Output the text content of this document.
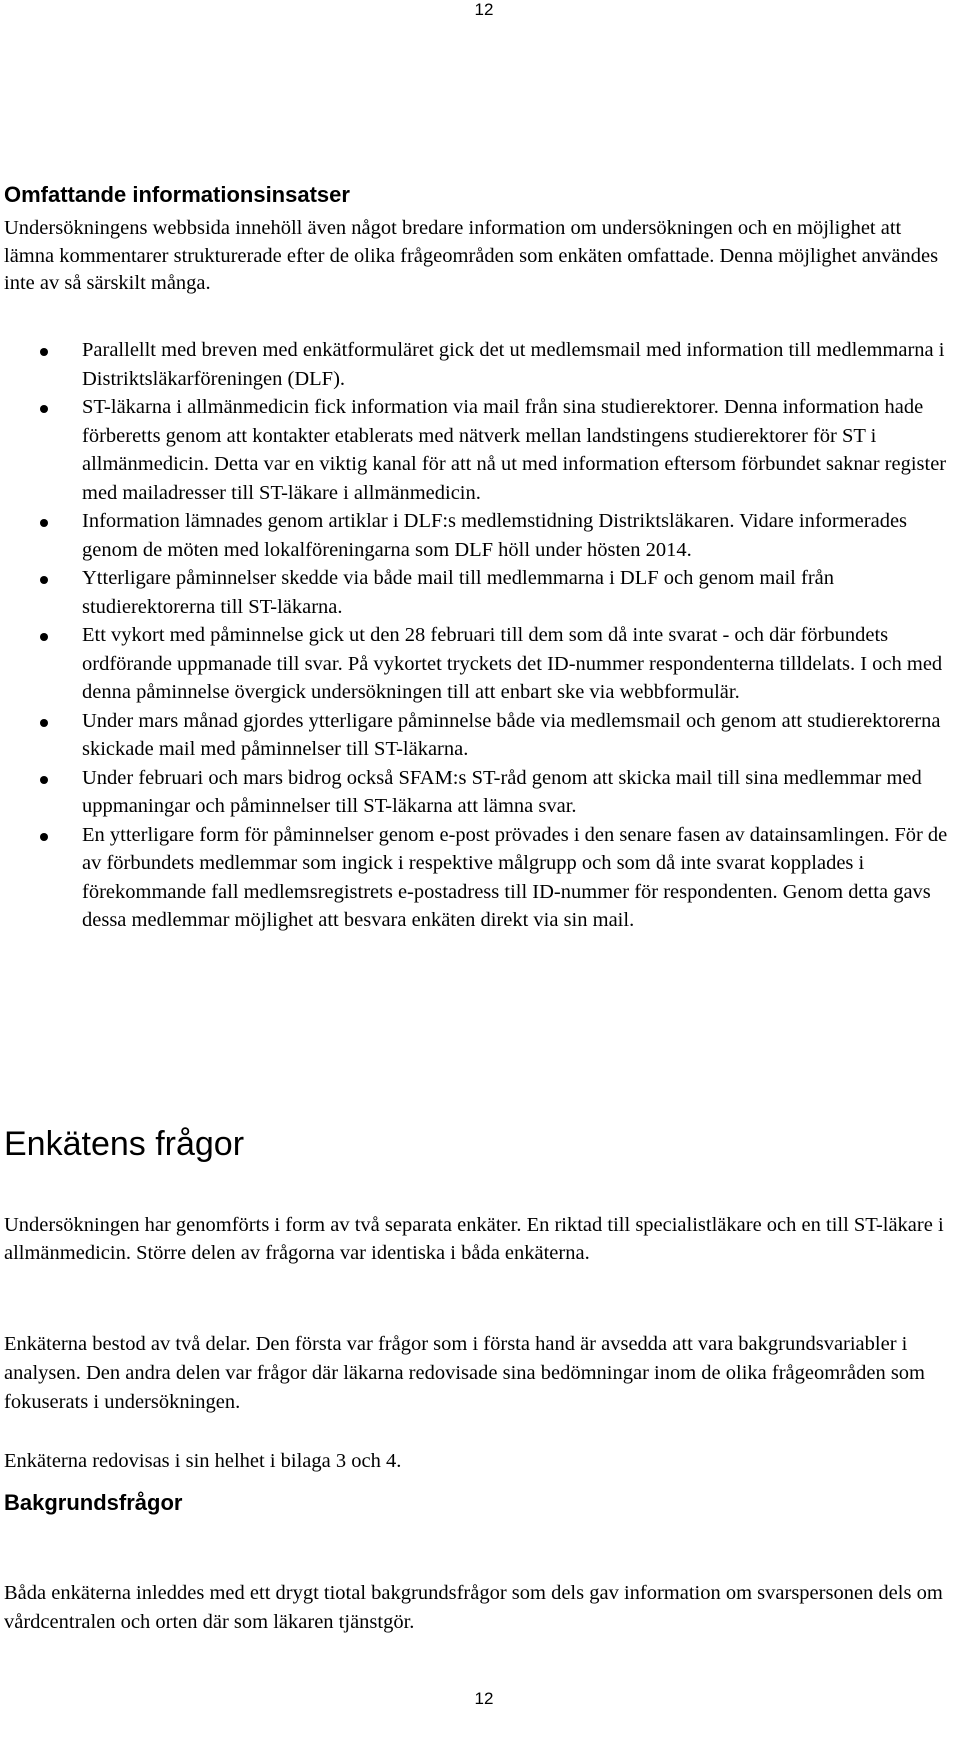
12
Omfattande informationsinsatser

Undersökningens webbsida innehöll även något bredare information om undersökningen och en möjlighet att lämna kommentarer strukturerade efter de olika frågeområden som enkäten omfattade. Denna möjlighet användes inte av så särskilt många.

Parallellt med breven med enkätformuläret gick det ut medlemsmail med information till medlemmarna i Distriktsläkarföreningen (DLF).
ST-läkarna i allmänmedicin fick information via mail från sina studierektorer. Denna information hade förberetts genom att kontakter etablerats med nätverk mellan landstingens studierektorer för ST i allmänmedicin. Detta var en viktig kanal för att nå ut med information eftersom förbundet saknar register med mailadresser till ST-läkare i allmänmedicin.
Information lämnades genom artiklar i DLF:s medlemstidning Distriktsläkaren. Vidare informerades genom de möten med lokalföreningarna som DLF höll under hösten 2014.
Ytterligare påminnelser skedde via både mail till medlemmarna i DLF och genom mail från studierektorerna till ST-läkarna.
Ett vykort med påminnelse gick ut den 28 februari till dem som då inte svarat - och där förbundets ordförande uppmanade till svar. På vykortet tryckets det ID-nummer respondenterna tilldelats. I och med denna påminnelse övergick undersökningen till att enbart ske via webbformulär.
Under mars månad gjordes ytterligare påminnelse både via medlemsmail och genom att studierektorerna skickade mail med påminnelser till ST-läkarna.
Under februari och mars bidrog också SFAM:s ST-råd genom att skicka mail till sina medlemmar med uppmaningar och påminnelser till ST-läkarna att lämna svar.
En ytterligare form för påminnelser genom e-post prövades i den senare fasen av datainsamlingen. För de av förbundets medlemmar som ingick i respektive målgrupp och som då inte svarat kopplades i förekommande fall medlemsregistrets e-postadress till ID-nummer för respondenten. Genom detta gavs dessa medlemmar möjlighet att besvara enkäten direkt via sin mail.
Enkätens frågor

Undersökningen har genomförts i form av två separata enkäter. En riktad till specialistläkare och en till ST-läkare i allmänmedicin. Större delen av frågorna var identiska i båda enkäterna.

Enkäterna bestod av två delar. Den första var frågor som i första hand är avsedda att vara bakgrundsvariabler i analysen. Den andra delen var frågor där läkarna redovisade sina bedömningar inom de olika frågeområden som fokuserats i undersökningen.

Enkäterna redovisas i sin helhet i bilaga 3 och 4.

Bakgrundsfrågor

Båda enkäterna inleddes med ett drygt tiotal bakgrundsfrågor som dels gav information om svarspersonen dels om vårdcentralen och orten där som läkaren tjänstgör.

12
